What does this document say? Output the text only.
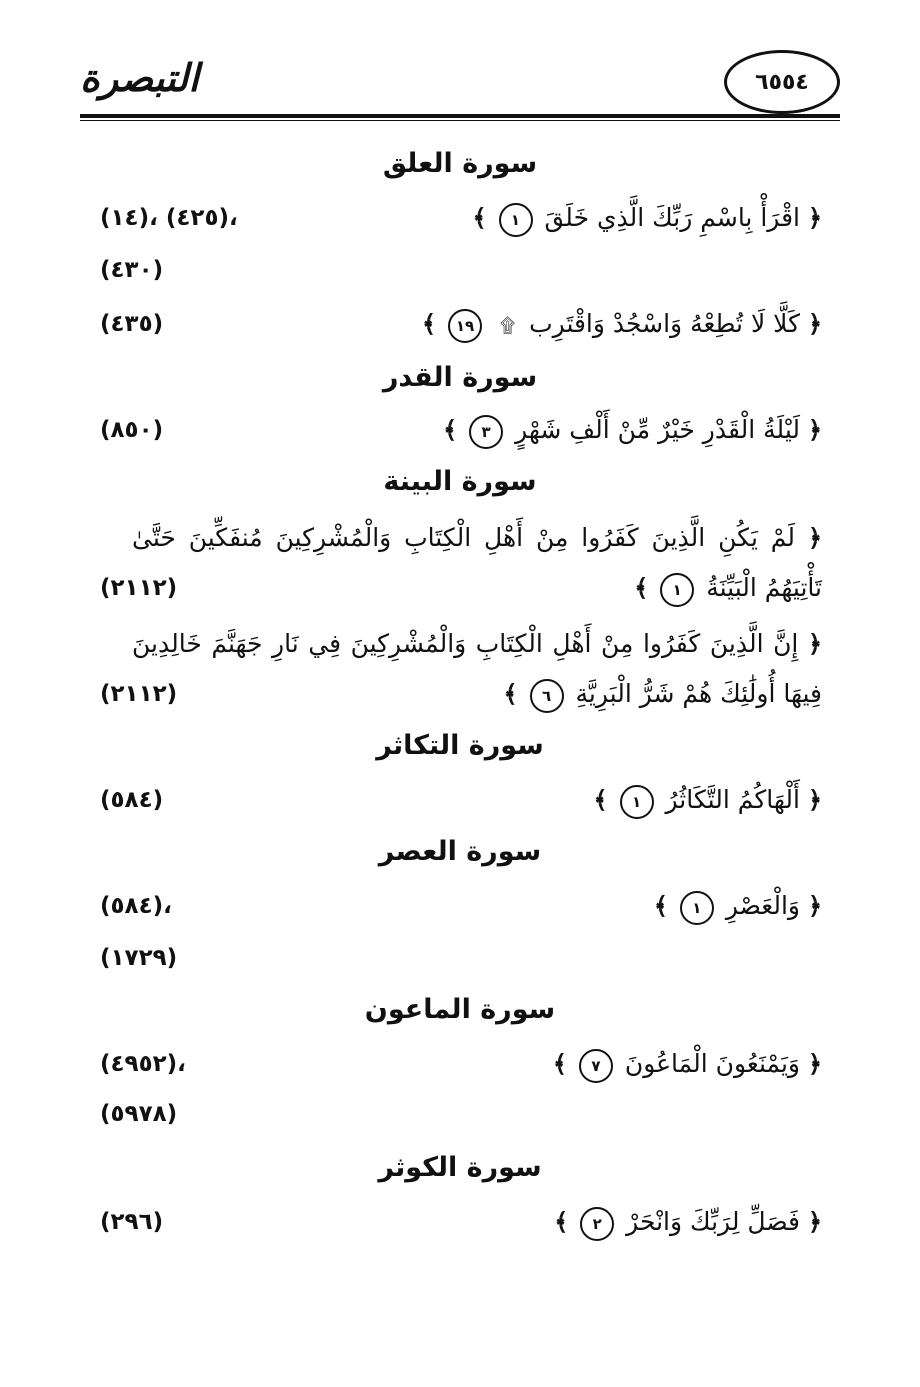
٦٥٥٤
التبصرة
سورة العلق
﴿ اقْرَأْ بِاسْمِ رَبِّكَ الَّذِي خَلَقَ ١ ﴾
(١٤)، (٤٢٥)،
(٤٣٠)
﴿ كَلَّا لَا تُطِعْهُ وَاسْجُدْ وَاقْتَرِب ۩ ١٩ ﴾
(٤٣٥)
سورة القدر
﴿ لَيْلَةُ الْقَدْرِ خَيْرٌ مِّنْ أَلْفِ شَهْرٍ ٣ ﴾
(٨٥٠)
سورة البينة
﴿ لَمْ يَكُنِ الَّذِينَ كَفَرُوا مِنْ أَهْلِ الْكِتَابِ وَالْمُشْرِكِينَ مُنفَكِّينَ حَتَّىٰ
تَأْتِيَهُمُ الْبَيِّنَةُ ١ ﴾
(٢١١٢)
﴿ إِنَّ الَّذِينَ كَفَرُوا مِنْ أَهْلِ الْكِتَابِ وَالْمُشْرِكِينَ فِي نَارِ جَهَنَّمَ خَالِدِينَ
فِيهَا أُولَٰئِكَ هُمْ شَرُّ الْبَرِيَّةِ ٦ ﴾
(٢١١٢)
سورة التكاثر
﴿ أَلْهَاكُمُ التَّكَاثُرُ ١ ﴾
(٥٨٤)
سورة العصر
﴿ وَالْعَصْرِ ١ ﴾
(٥٨٤)،
(١٧٢٩)
سورة الماعون
﴿ وَيَمْنَعُونَ الْمَاعُونَ ٧ ﴾
(٤٩٥٢)،
(٥٩٧٨)
سورة الكوثر
﴿ فَصَلِّ لِرَبِّكَ وَانْحَرْ ٢ ﴾
(٢٩٦)
